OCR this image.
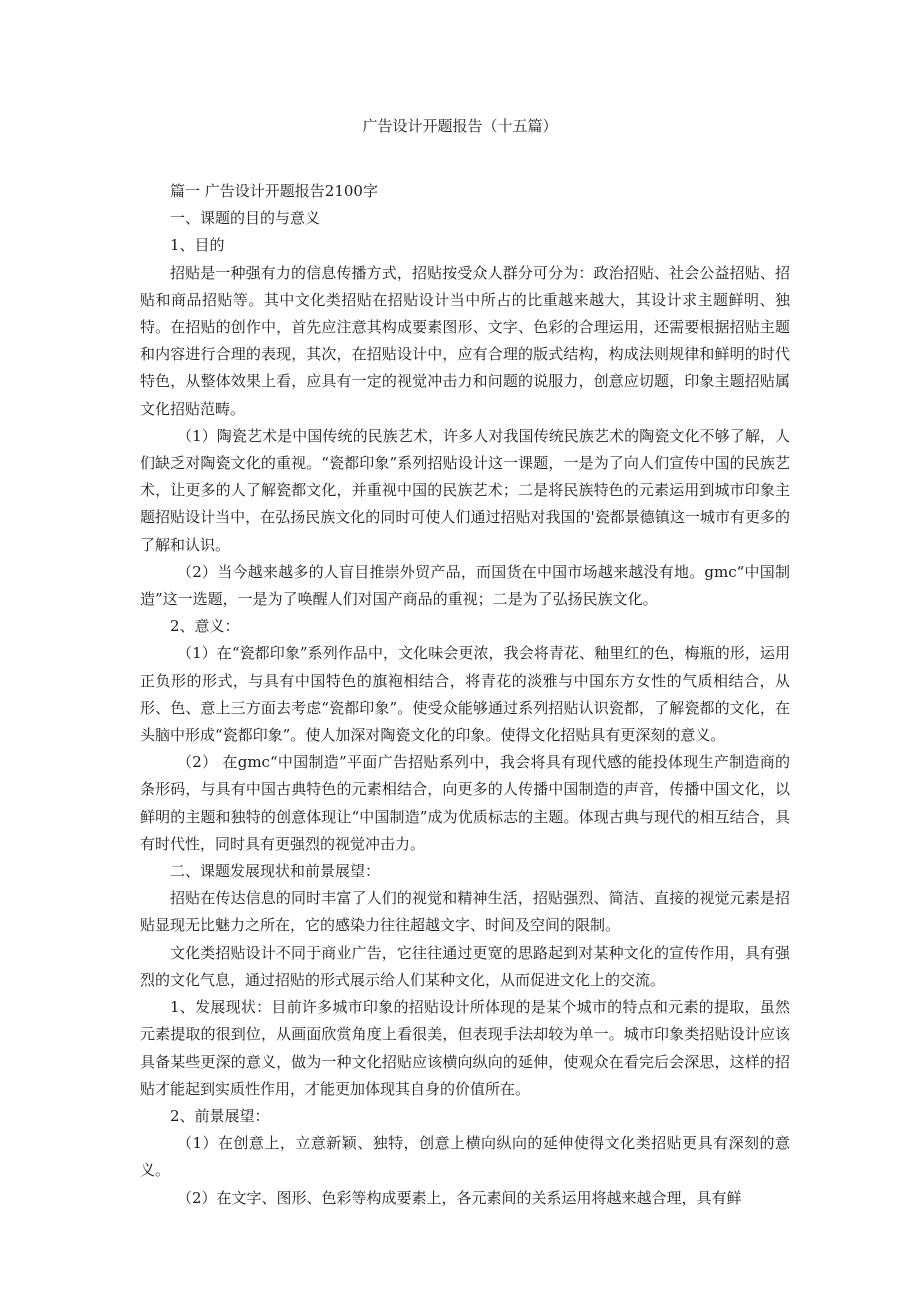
广告设计开题报告（十五篇）

篇一 广告设计开题报告2100字

一、课题的目的与意义

1、目的

招贴是一种强有力的信息传播方式，招贴按受众人群分可分为：政治招贴、社会公益招贴、招贴和商品招贴等。其中文化类招贴在招贴设计当中所占的比重越来越大，其设计求主题鲜明、独特。在招贴的创作中，首先应注意其构成要素图形、文字、色彩的合理运用，还需要根据招贴主题和内容进行合理的表现，其次，在招贴设计中，应有合理的版式结构，构成法则规律和鲜明的时代特色，从整体效果上看，应具有一定的视觉冲击力和问题的说服力，创意应切题，印象主题招贴属文化招贴范畴。

（1）陶瓷艺术是中国传统的民族艺术，许多人对我国传统民族艺术的陶瓷文化不够了解，人们缺乏对陶瓷文化的重视。“瓷都印象”系列招贴设计这一课题，一是为了向人们宣传中国的民族艺术，让更多的人了解瓷都文化，并重视中国的民族艺术；二是将民族特色的元素运用到城市印象主题招贴设计当中，在弘扬民族文化的同时可使人们通过招贴对我国的'瓷都景德镇这一城市有更多的了解和认识。

（2）当今越来越多的人盲目推崇外贸产品，而国货在中国市场越来越没有地。gmc“中国制造”这一选题，一是为了唤醒人们对国产商品的重视；二是为了弘扬民族文化。

2、意义：

（1）在“瓷都印象”系列作品中，文化味会更浓，我会将青花、釉里红的色，梅瓶的形，运用正负形的形式，与具有中国特色的旗袍相结合，将青花的淡雅与中国东方女性的气质相结合，从形、色、意上三方面去考虑“瓷都印象”。使受众能够通过系列招贴认识瓷都，了解瓷都的文化，在头脑中形成“瓷都印象”。使人加深对陶瓷文化的印象。使得文化招贴具有更深刻的意义。

（2） 在gmc“中国制造”平面广告招贴系列中，我会将具有现代感的能投体现生产制造商的条形码，与具有中国古典特色的元素相结合，向更多的人传播中国制造的声音，传播中国文化，以鲜明的主题和独特的创意体现让“中国制造”成为优质标志的主题。体现古典与现代的相互结合，具有时代性，同时具有更强烈的视觉冲击力。

二、课题发展现状和前景展望：

招贴在传达信息的同时丰富了人们的视觉和精神生活，招贴强烈、简洁、直接的视觉元素是招贴显现无比魅力之所在，它的感染力往往超越文字、时间及空间的限制。

文化类招贴设计不同于商业广告，它往往通过更宽的思路起到对某种文化的宣传作用，具有强烈的文化气息，通过招贴的形式展示给人们某种文化，从而促进文化上的交流。

1、发展现状：目前许多城市印象的招贴设计所体现的是某个城市的特点和元素的提取，虽然元素提取的很到位，从画面欣赏角度上看很美，但表现手法却较为单一。城市印象类招贴设计应该具备某些更深的意义，做为一种文化招贴应该横向纵向的延伸，使观众在看完后会深思，这样的招贴才能起到实质性作用，才能更加体现其自身的价值所在。

2、前景展望：

（1）在创意上，立意新颖、独特，创意上横向纵向的延伸使得文化类招贴更具有深刻的意义。

（2）在文字、图形、色彩等构成要素上，各元素间的关系运用将越来越合理，具有鲜
